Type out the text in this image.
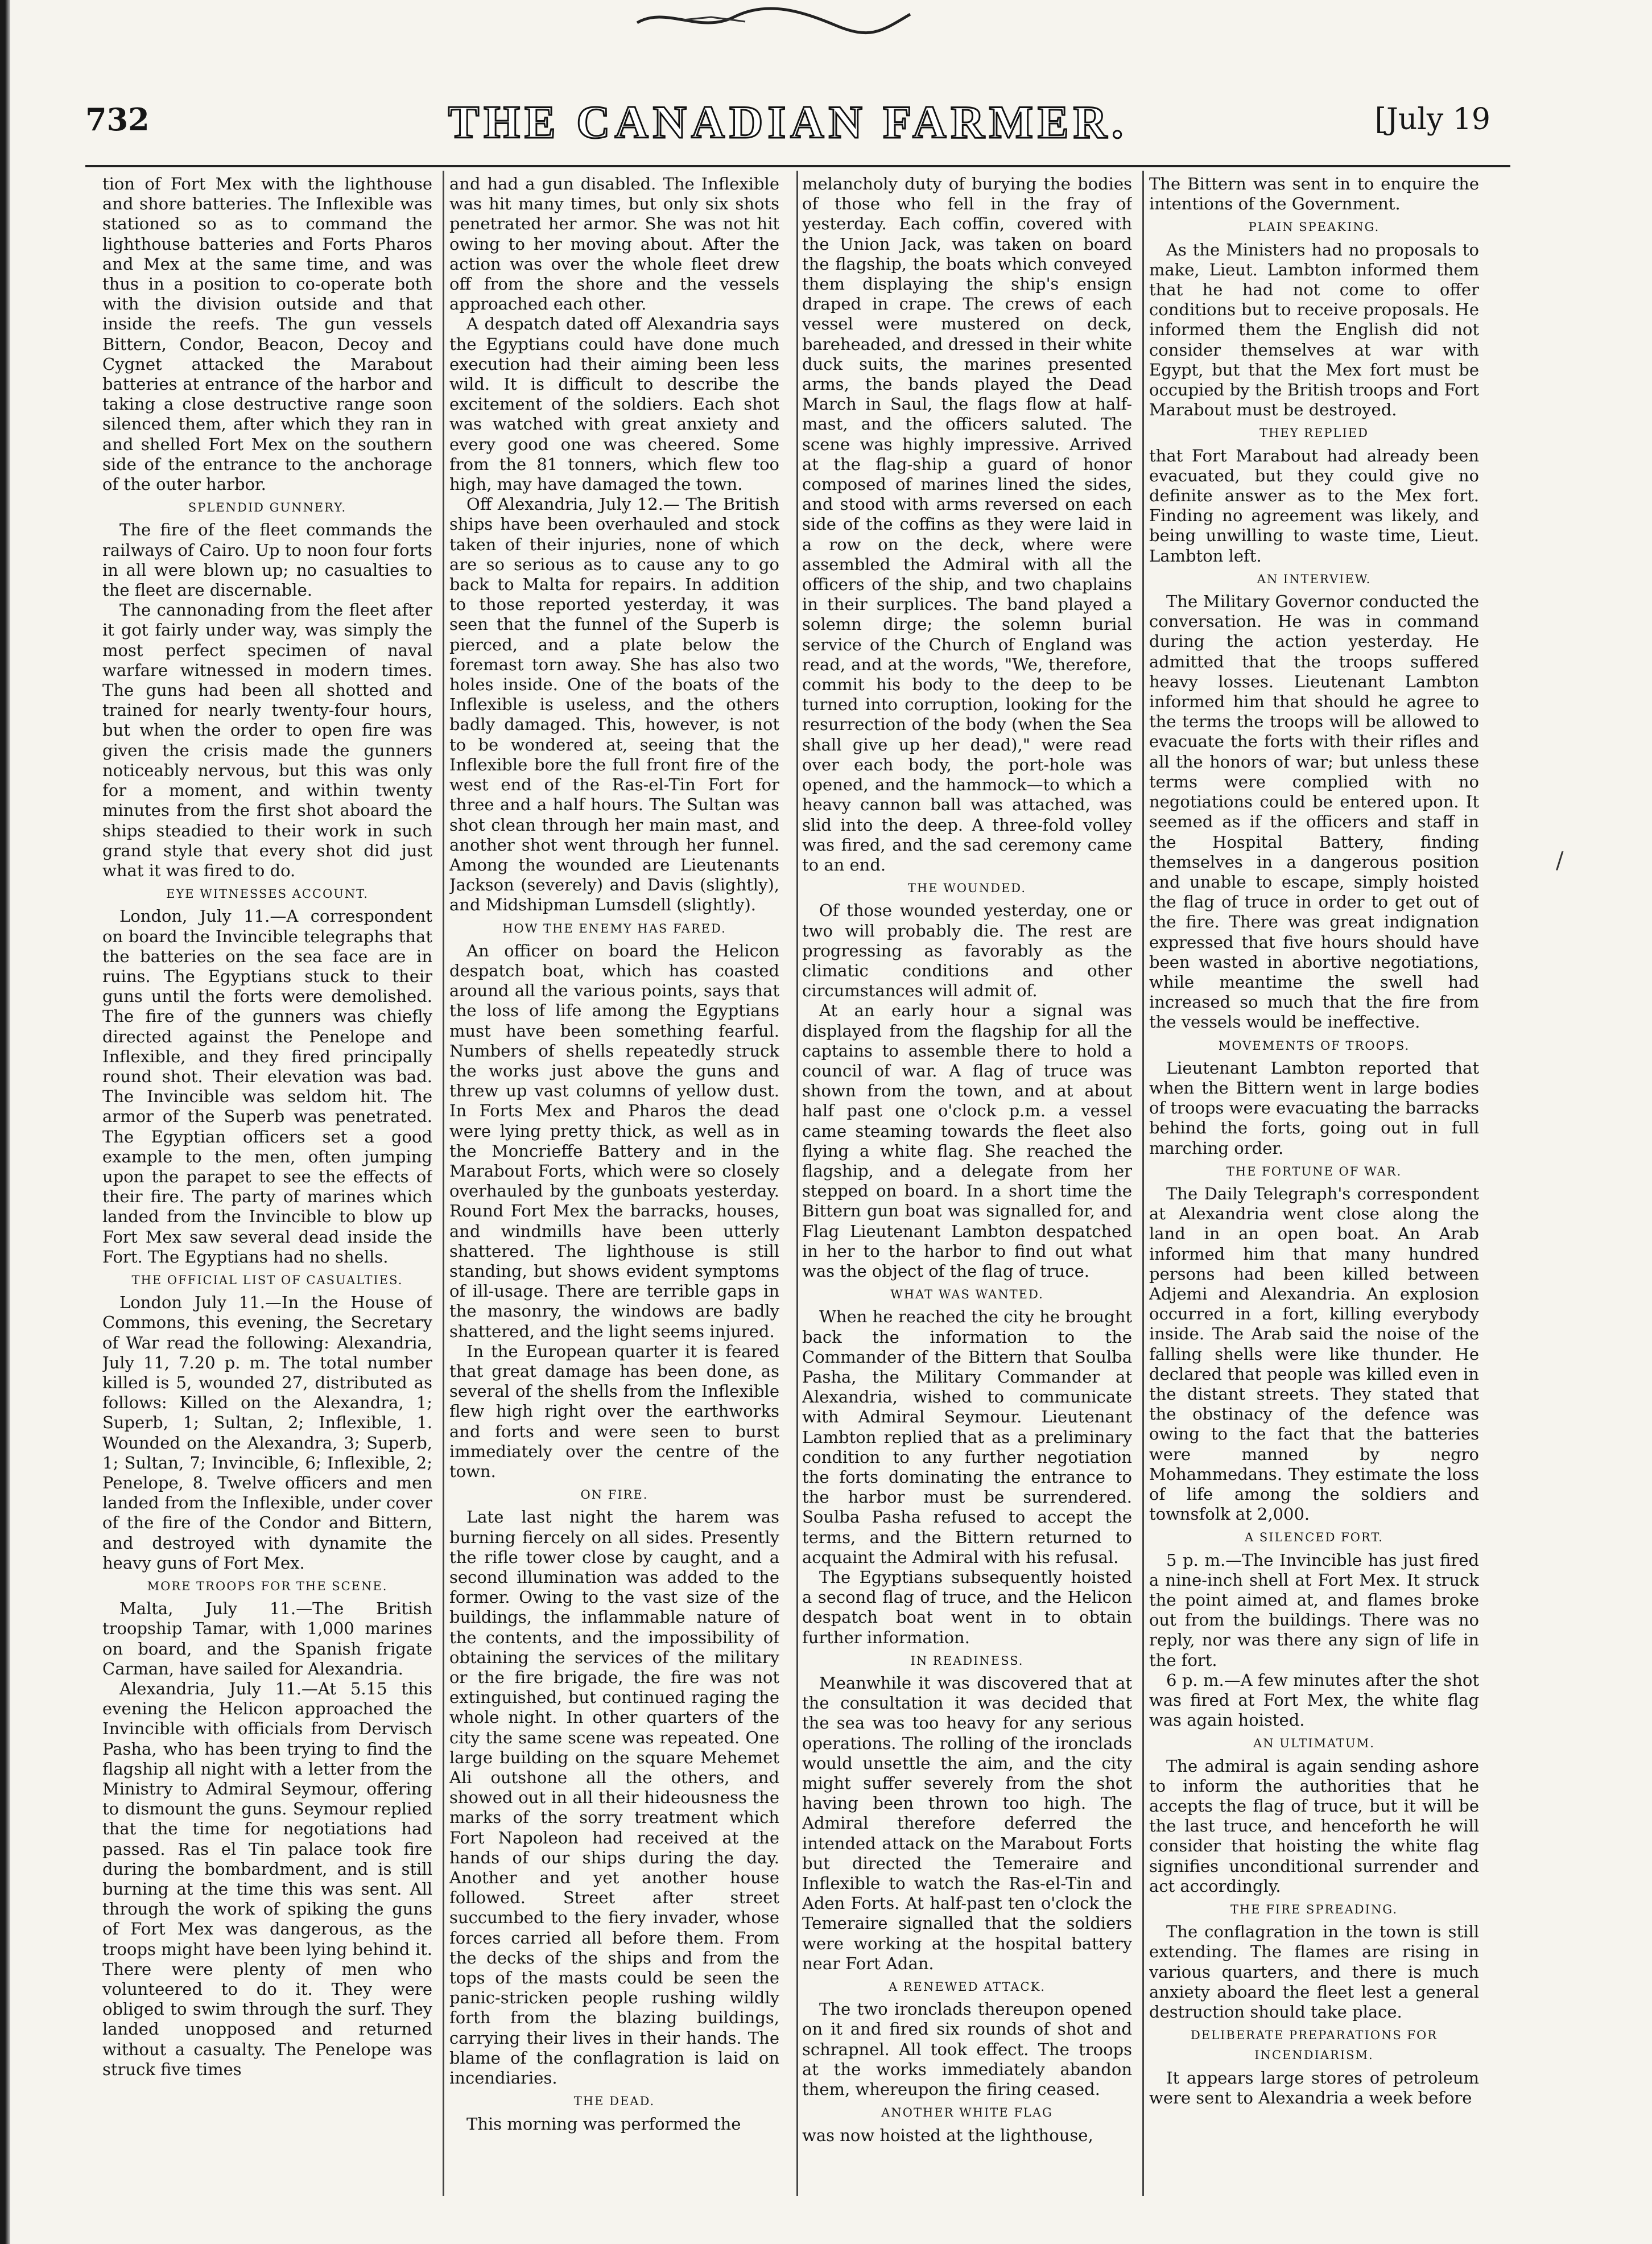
732	THE CANADIAN FARMER.	[July 19

tion of Fort Mex with the lighthouse and shore batteries. The Inflexible was stationed so as to command the lighthouse batteries and Forts Pharos and Mex at the same time, and was thus in a position to co-operate both with the division outside and that inside the reefs. The gun vessels Bittern, Condor, Beacon, Decoy and Cygnet attacked the Marabout batteries at entrance of the harbor and taking a close destructive range soon silenced them, after which they ran in and shelled Fort Mex on the southern side of the entrance to the anchorage of the outer harbor.

SPLENDID GUNNERY.

The fire of the fleet commands the railways of Cairo. Up to noon four forts in all were blown up; no casualties to the fleet are discernable.

The cannonading from the fleet after it got fairly under way, was simply the most perfect specimen of naval warfare witnessed in modern times. The guns had been all shotted and trained for nearly twenty-four hours, but when the order to open fire was given the crisis made the gunners noticeably nervous, but this was only for a moment, and within twenty minutes from the first shot aboard the ships steadied to their work in such grand style that every shot did just what it was fired to do.

EYE WITNESSES ACCOUNT.

London, July 11.—A correspondent on board the Invincible telegraphs that the batteries on the sea face are in ruins. The Egyptians stuck to their guns until the forts were demolished. The fire of the gunners was chiefly directed against the Penelope and Inflexible, and they fired principally round shot. Their elevation was bad. The Invincible was seldom hit. The armor of the Superb was penetrated. The Egyptian officers set a good example to the men, often jumping upon the parapet to see the effects of their fire. The party of marines which landed from the Invincible to blow up Fort Mex saw several dead inside the Fort. The Egyptians had no shells.

THE OFFICIAL LIST OF CASUALTIES.

London July 11.—In the House of Commons, this evening, the Secretary of War read the following: Alexandria, July 11, 7.20 p. m. The total number killed is 5, wounded 27, distributed as follows: Killed on the Alexandra, 1; Superb, 1; Sultan, 2; Inflexible, 1. Wounded on the Alexandra, 3; Superb, 1; Sultan, 7; Invincible, 6; Inflexible, 2; Penelope, 8. Twelve officers and men landed from the Inflexible, under cover of the fire of the Condor and Bittern, and destroyed with dynamite the heavy guns of Fort Mex.

MORE TROOPS FOR THE SCENE.

Malta, July 11.—The British troopship Tamar, with 1,000 marines on board, and the Spanish frigate Carman, have sailed for Alexandria.

Alexandria, July 11.—At 5.15 this evening the Helicon approached the Invincible with officials from Dervisch Pasha, who has been trying to find the flagship all night with a letter from the Ministry to Admiral Seymour, offering to dismount the guns. Seymour replied that the time for negotiations had passed. Ras el Tin palace took fire during the bombardment, and is still burning at the time this was sent. All through the work of spiking the guns of Fort Mex was dangerous, as the troops might have been lying behind it. There were plenty of men who volunteered to do it. They were obliged to swim through the surf. They landed unopposed and returned without a casualty. The Penelope was struck five times

and had a gun disabled. The Inflexible was hit many times, but only six shots penetrated her armor. She was not hit owing to her moving about. After the action was over the whole fleet drew off from the shore and the vessels approached each other.

A despatch dated off Alexandria says the Egyptians could have done much execution had their aiming been less wild. It is difficult to describe the excitement of the soldiers. Each shot was watched with great anxiety and every good one was cheered. Some from the 81 tonners, which flew too high, may have damaged the town.

Off Alexandria, July 12.— The British ships have been overhauled and stock taken of their injuries, none of which are so serious as to cause any to go back to Malta for repairs. In addition to those reported yesterday, it was seen that the funnel of the Superb is pierced, and a plate below the foremast torn away. She has also two holes inside. One of the boats of the Inflexible is useless, and the others badly damaged. This, however, is not to be wondered at, seeing that the Inflexible bore the full front fire of the west end of the Ras-el-Tin Fort for three and a half hours. The Sultan was shot clean through her main mast, and another shot went through her funnel. Among the wounded are Lieutenants Jackson (severely) and Davis (slightly), and Midshipman Lumsdell (slightly).

HOW THE ENEMY HAS FARED.

An officer on board the Helicon despatch boat, which has coasted around all the various points, says that the loss of life among the Egyptians must have been something fearful. Numbers of shells repeatedly struck the works just above the guns and threw up vast columns of yellow dust. In Forts Mex and Pharos the dead were lying pretty thick, as well as in the Moncrieffe Battery and in the Marabout Forts, which were so closely overhauled by the gunboats yesterday. Round Fort Mex the barracks, houses, and windmills have been utterly shattered. The lighthouse is still standing, but shows evident symptoms of ill-usage. There are terrible gaps in the masonry, the windows are badly shattered, and the light seems injured.

In the European quarter it is feared that great damage has been done, as several of the shells from the Inflexible flew high right over the earthworks and forts and were seen to burst immediately over the centre of the town.

ON FIRE.

Late last night the harem was burning fiercely on all sides. Presently the rifle tower close by caught, and a second illumination was added to the former. Owing to the vast size of the buildings, the inflammable nature of the contents, and the impossibility of obtaining the services of the military or the fire brigade, the fire was not extinguished, but continued raging the whole night. In other quarters of the city the same scene was repeated. One large building on the square Mehemet Ali outshone all the others, and showed out in all their hideousness the marks of the sorry treatment which Fort Napoleon had received at the hands of our ships during the day. Another and yet another house followed. Street after street succumbed to the fiery invader, whose forces carried all before them. From the decks of the ships and from the tops of the masts could be seen the panic-stricken people rushing wildly forth from the blazing buildings, carrying their lives in their hands. The blame of the conflagration is laid on incendiaries.

THE DEAD.

This morning was performed the

melancholy duty of burying the bodies of those who fell in the fray of yesterday. Each coffin, covered with the Union Jack, was taken on board the flagship, the boats which conveyed them displaying the ship's ensign draped in crape. The crews of each vessel were mustered on deck, bareheaded, and dressed in their white duck suits, the marines presented arms, the bands played the Dead March in Saul, the flags flow at half-mast, and the officers saluted. The scene was highly impressive. Arrived at the flag-ship a guard of honor composed of marines lined the sides, and stood with arms reversed on each side of the coffins as they were laid in a row on the deck, where were assembled the Admiral with all the officers of the ship, and two chaplains in their surplices. The band played a solemn dirge; the solemn burial service of the Church of England was read, and at the words, "We, therefore, commit his body to the deep to be turned into corruption, looking for the resurrection of the body (when the Sea shall give up her dead)," were read over each body, the port-hole was opened, and the hammock—to which a heavy cannon ball was attached, was slid into the deep. A three-fold volley was fired, and the sad ceremony came to an end.

THE WOUNDED.

Of those wounded yesterday, one or two will probably die. The rest are progressing as favorably as the climatic conditions and other circumstances will admit of.

At an early hour a signal was displayed from the flagship for all the captains to assemble there to hold a council of war. A flag of truce was shown from the town, and at about half past one o'clock p.m. a vessel came steaming towards the fleet also flying a white flag. She reached the flagship, and a delegate from her stepped on board. In a short time the Bittern gun boat was signalled for, and Flag Lieutenant Lambton despatched in her to the harbor to find out what was the object of the flag of truce.

WHAT WAS WANTED.

When he reached the city he brought back the information to the Commander of the Bittern that Soulba Pasha, the Military Commander at Alexandria, wished to communicate with Admiral Seymour. Lieutenant Lambton replied that as a preliminary condition to any further negotiation the forts dominating the entrance to the harbor must be surrendered. Soulba Pasha refused to accept the terms, and the Bittern returned to acquaint the Admiral with his refusal.

The Egyptians subsequently hoisted a second flag of truce, and the Helicon despatch boat went in to obtain further information.

IN READINESS.

Meanwhile it was discovered that at the consultation it was decided that the sea was too heavy for any serious operations. The rolling of the ironclads would unsettle the aim, and the city might suffer severely from the shot having been thrown too high. The Admiral therefore deferred the intended attack on the Marabout Forts but directed the Temeraire and Inflexible to watch the Ras-el-Tin and Aden Forts. At half-past ten o'clock the Temeraire signalled that the soldiers were working at the hospital battery near Fort Adan.

A RENEWED ATTACK.

The two ironclads thereupon opened on it and fired six rounds of shot and schrapnel. All took effect. The troops at the works immediately abandon them, whereupon the firing ceased.

ANOTHER WHITE FLAG

was now hoisted at the lighthouse,

The Bittern was sent in to enquire the intentions of the Government.

PLAIN SPEAKING.

As the Ministers had no proposals to make, Lieut. Lambton informed them that he had not come to offer conditions but to receive proposals. He informed them the English did not consider themselves at war with Egypt, but that the Mex fort must be occupied by the British troops and Fort Marabout must be destroyed.

THEY REPLIED

that Fort Marabout had already been evacuated, but they could give no definite answer as to the Mex fort. Finding no agreement was likely, and being unwilling to waste time, Lieut. Lambton left.

AN INTERVIEW.

The Military Governor conducted the conversation. He was in command during the action yesterday. He admitted that the troops suffered heavy losses. Lieutenant Lambton informed him that should he agree to the terms the troops will be allowed to evacuate the forts with their rifles and all the honors of war; but unless these terms were complied with no negotiations could be entered upon. It seemed as if the officers and staff in the Hospital Battery, finding themselves in a dangerous position and unable to escape, simply hoisted the flag of truce in order to get out of the fire. There was great indignation expressed that five hours should have been wasted in abortive negotiations, while meantime the swell had increased so much that the fire from the vessels would be ineffective.

MOVEMENTS OF TROOPS.

Lieutenant Lambton reported that when the Bittern went in large bodies of troops were evacuating the barracks behind the forts, going out in full marching order.

THE FORTUNE OF WAR.

The Daily Telegraph's correspondent at Alexandria went close along the land in an open boat. An Arab informed him that many hundred persons had been killed between Adjemi and Alexandria. An explosion occurred in a fort, killing everybody inside. The Arab said the noise of the falling shells were like thunder. He declared that people was killed even in the distant streets. They stated that the obstinacy of the defence was owing to the fact that the batteries were manned by negro Mohammedans. They estimate the loss of life among the soldiers and townsfolk at 2,000.

A SILENCED FORT.

5 p. m.—The Invincible has just fired a nine-inch shell at Fort Mex. It struck the point aimed at, and flames broke out from the buildings. There was no reply, nor was there any sign of life in the fort.

6 p. m.—A few minutes after the shot was fired at Fort Mex, the white flag was again hoisted.

AN ULTIMATUM.

The admiral is again sending ashore to inform the authorities that he accepts the flag of truce, but it will be the last truce, and henceforth he will consider that hoisting the white flag signifies unconditional surrender and act accordingly.

THE FIRE SPREADING.

The conflagration in the town is still extending. The flames are rising in various quarters, and there is much anxiety aboard the fleet lest a general destruction should take place.

DELIBERATE PREPARATIONS FOR INCENDIARISM.

It appears large stores of petroleum were sent to Alexandria a week before

/
